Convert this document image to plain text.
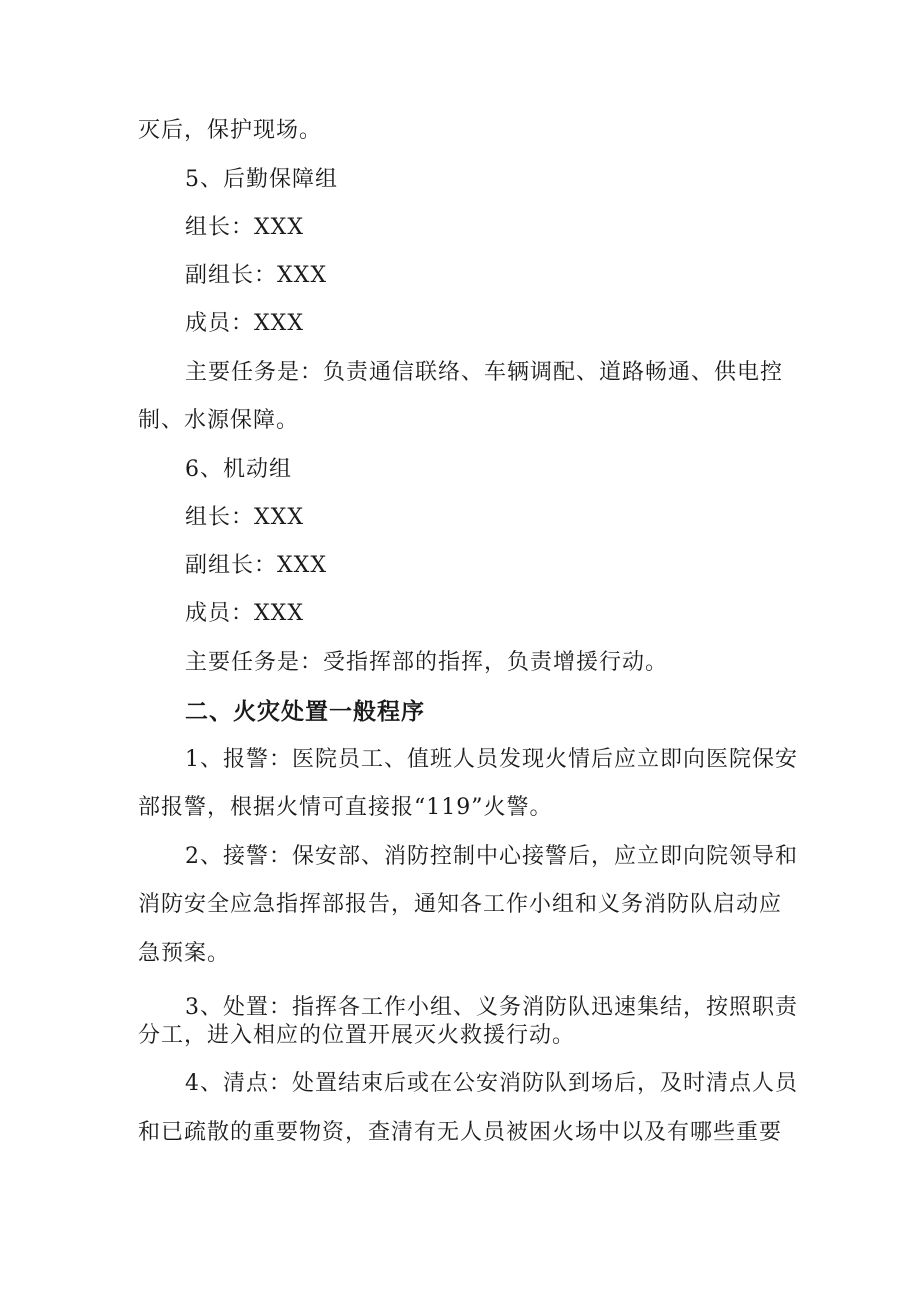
灭后，保护现场。
5、后勤保障组
组长：XXX
副组长：XXX
成员：XXX
主要任务是：负责通信联络、车辆调配、道路畅通、供电控
制、水源保障。
6、机动组
组长：XXX
副组长：XXX
成员：XXX
主要任务是：受指挥部的指挥，负责增援行动。
二、火灾处置一般程序
1、报警：医院员工、值班人员发现火情后应立即向医院保安
部报警，根据火情可直接报“119”火警。
2、接警：保安部、消防控制中心接警后，应立即向院领导和
消防安全应急指挥部报告，通知各工作小组和义务消防队启动应
急预案。
3、处置：指挥各工作小组、义务消防队迅速集结，按照职责
分工，进入相应的位置开展灭火救援行动。
4、清点：处置结束后或在公安消防队到场后，及时清点人员
和已疏散的重要物资，查清有无人员被困火场中以及有哪些重要
